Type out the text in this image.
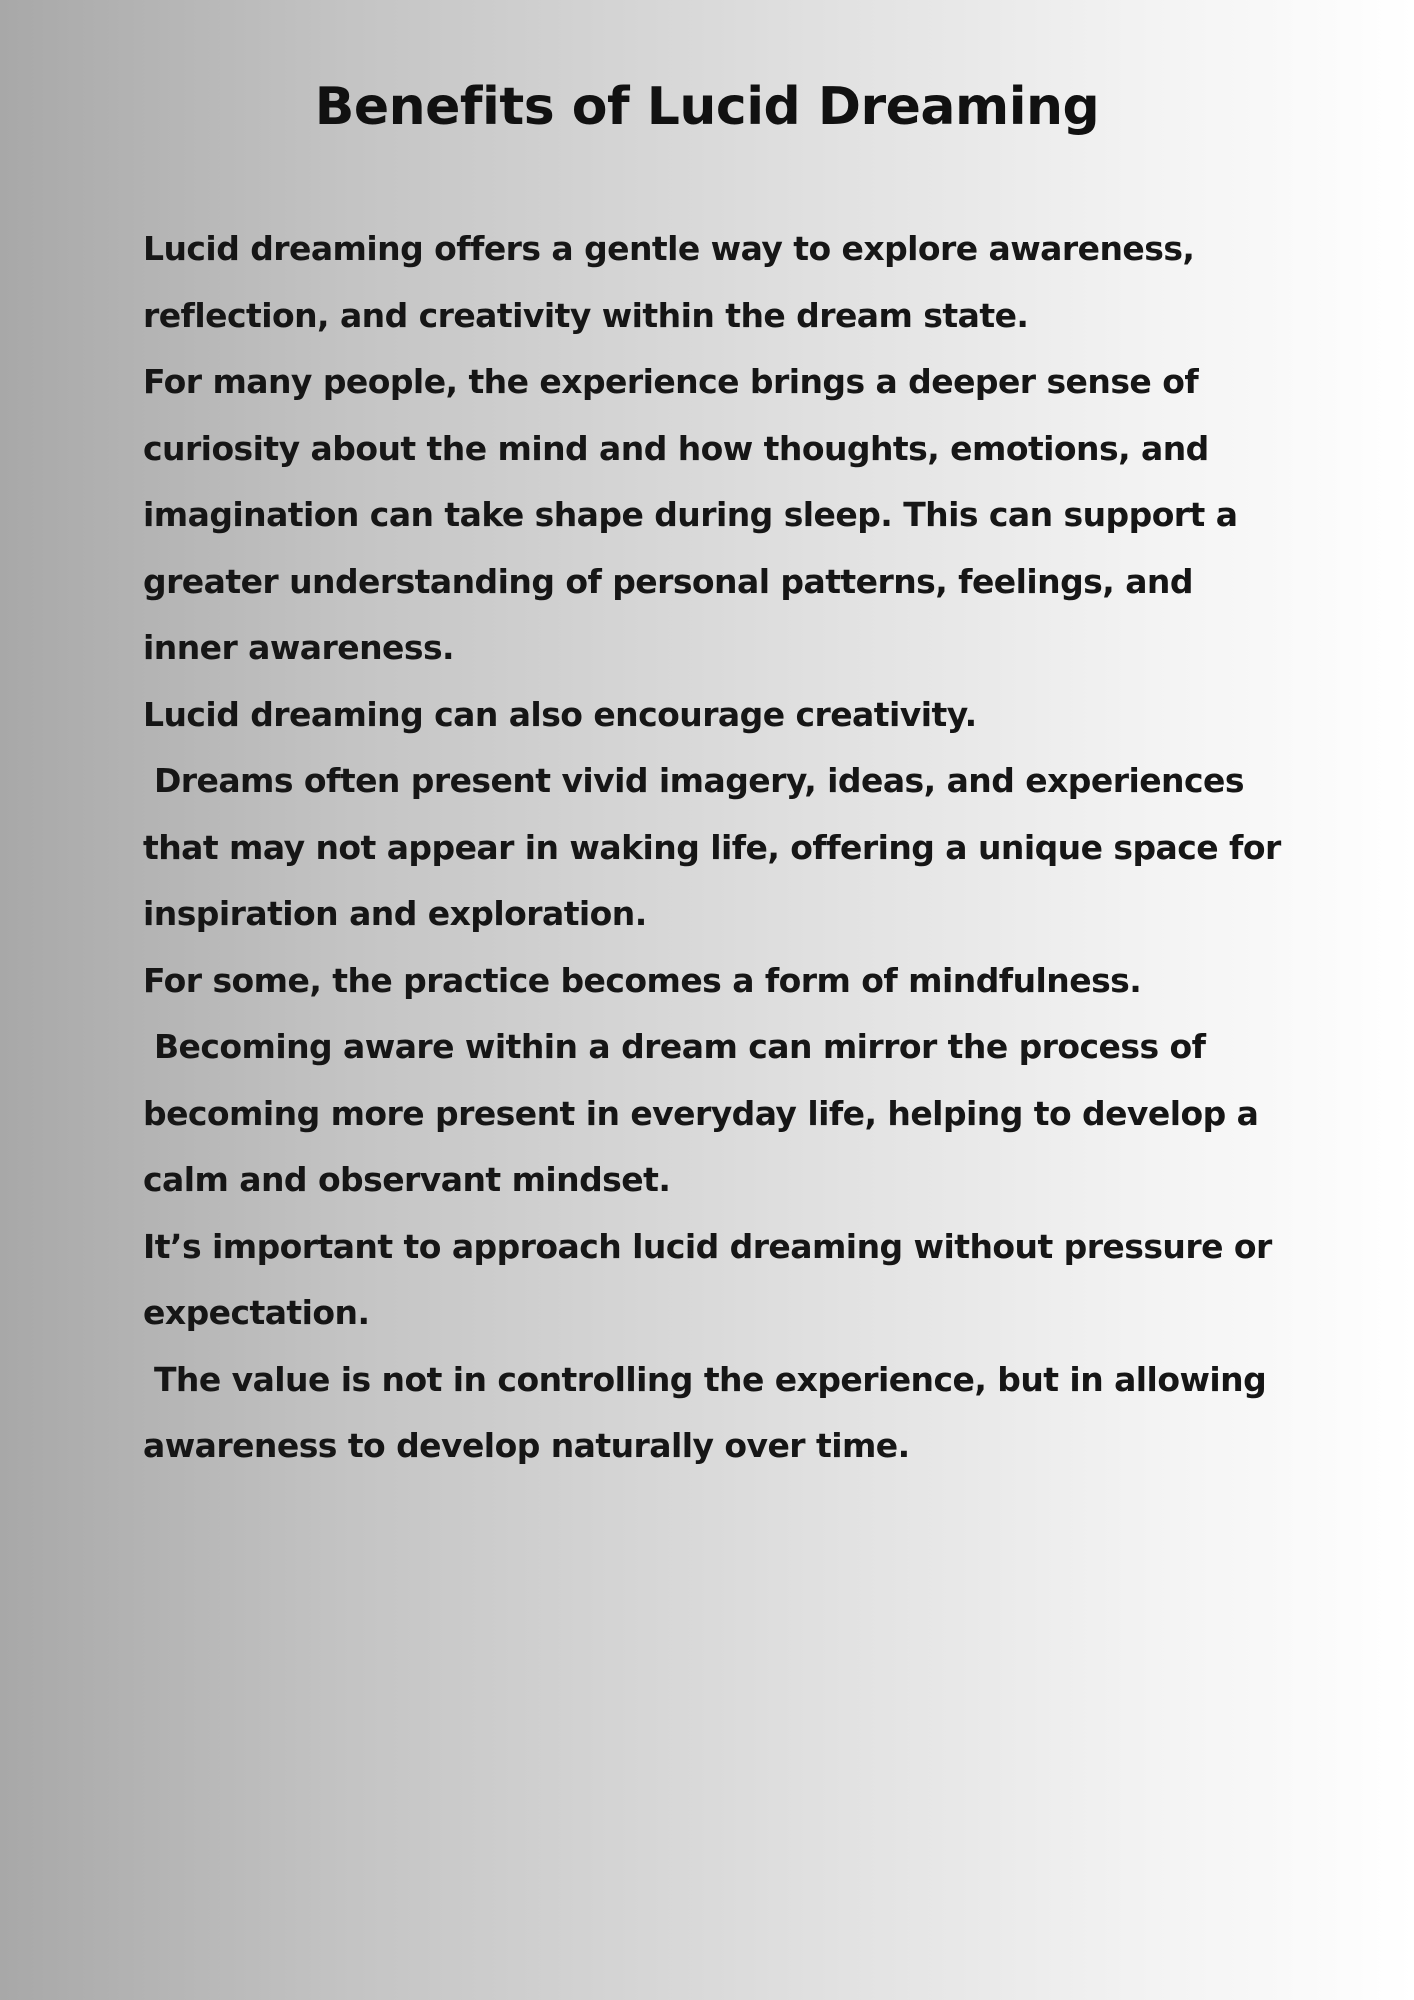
Benefits of Lucid Dreaming
Lucid dreaming offers a gentle way to explore awareness,
reflection, and creativity within the dream state.
For many people, the experience brings a deeper sense of
curiosity about the mind and how thoughts, emotions, and
imagination can take shape during sleep. This can support a
greater understanding of personal patterns, feelings, and
inner awareness.
Lucid dreaming can also encourage creativity.
Dreams often present vivid imagery, ideas, and experiences
that may not appear in waking life, offering a unique space for
inspiration and exploration.
For some, the practice becomes a form of mindfulness.
Becoming aware within a dream can mirror the process of
becoming more present in everyday life, helping to develop a
calm and observant mindset.
It’s important to approach lucid dreaming without pressure or
expectation.
The value is not in controlling the experience, but in allowing
awareness to develop naturally over time.
